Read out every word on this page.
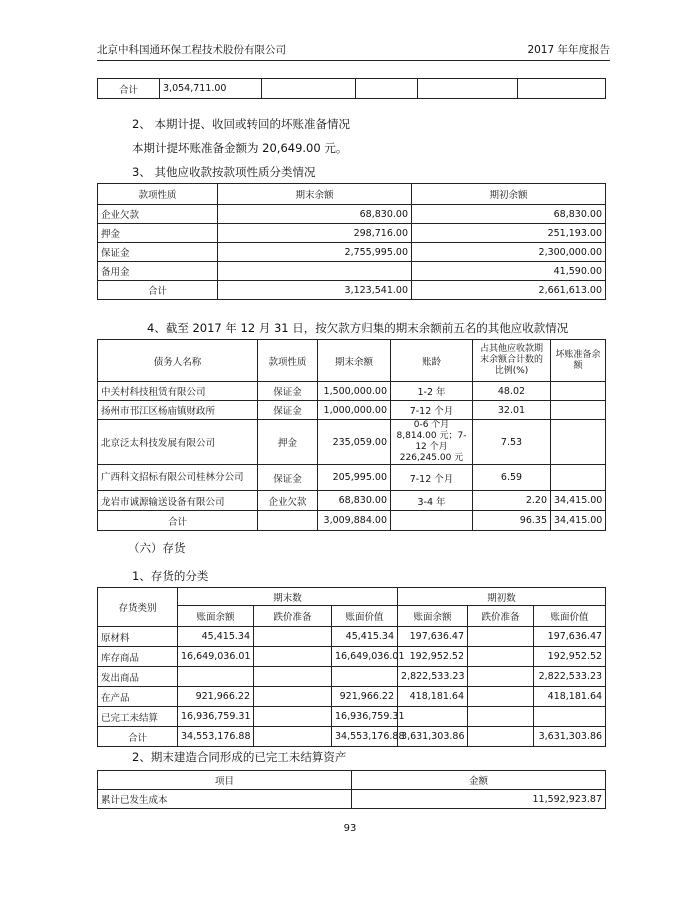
北京中科国通环保工程技术股份有限公司	2017 年年度报告
合计	3,054,711.00				
2、 本期计提、收回或转回的坏账准备情况
本期计提坏账准备金额为 20,649.00 元。
3、 其他应收款按款项性质分类情况
款项性质	期末余额	期初余额
企业欠款	68,830.00	68,830.00
押金	298,716.00	251,193.00
保证金	2,755,995.00	2,300,000.00
备用金		41,590.00
合计	3,123,541.00	2,661,613.00
4、截至 2017 年 12 月 31 日，按欠款方归集的期末余额前五名的其他应收款情况
债务人名称	款项性质	期末余额	账龄	占其他应收款期末余额合计数的比例(%)	坏账准备余额
中关村科技租赁有限公司	保证金	1,500,000.00	1-2 年	48.02	
扬州市邗江区杨庙镇财政所	保证金	1,000,000.00	7-12 个月	32.01	
北京泛太科技发展有限公司	押金	235,059.00	0-6 个月 8,814.00 元；7-12 个月 226,245.00 元	7.53	
广西科文招标有限公司桂林分公司	保证金	205,995.00	7-12 个月	6.59	
龙岩市诚源输送设备有限公司	企业欠款	68,830.00	3-4 年	2.20	34,415.00
合计		3,009,884.00		96.35	34,415.00
（六）存货
1、存货的分类
存货类别	期末数			期初数		
	账面余额	跌价准备	账面价值	账面余额	跌价准备	账面价值
原材料	45,415.34		45,415.34	197,636.47		197,636.47
库存商品	16,649,036.01		16,649,036.01	192,952.52		192,952.52
发出商品				2,822,533.23		2,822,533.23
在产品	921,966.22		921,966.22	418,181.64		418,181.64
已完工未结算	16,936,759.31		16,936,759.31			
合计	34,553,176.88		34,553,176.88	3,631,303.86		3,631,303.86
2、期末建造合同形成的已完工未结算资产
项目	金额
累计已发生成本	11,592,923.87
93
